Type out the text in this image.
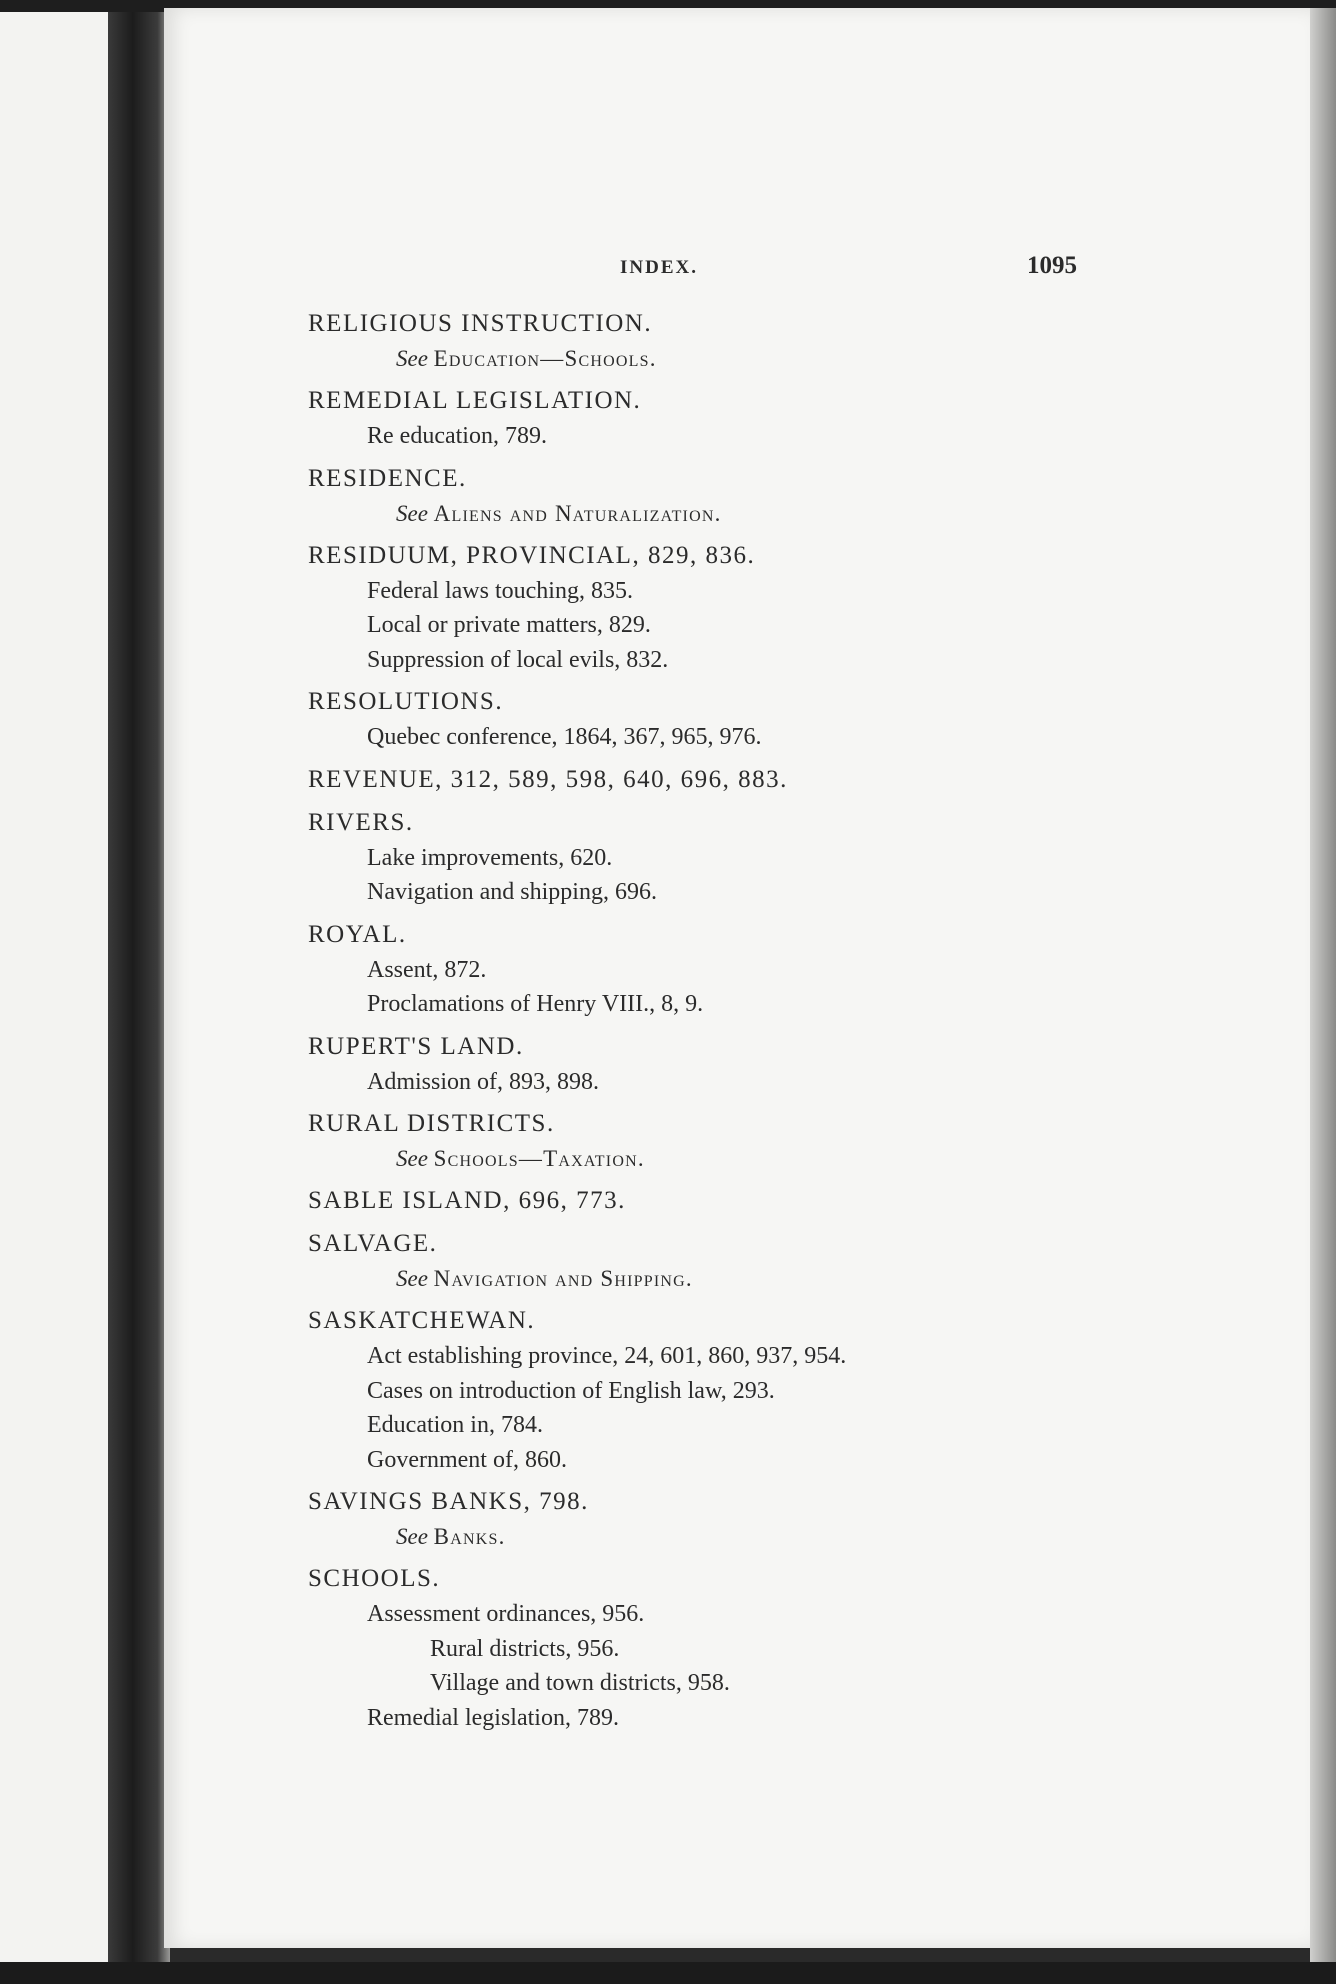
INDEX.	1095
RELIGIOUS INSTRUCTION.
See Education—Schools.
REMEDIAL LEGISLATION.
Re education, 789.
RESIDENCE.
See Aliens and Naturalization.
RESIDUUM, PROVINCIAL, 829, 836.
Federal laws touching, 835.
Local or private matters, 829.
Suppression of local evils, 832.
RESOLUTIONS.
Quebec conference, 1864, 367, 965, 976.
REVENUE, 312, 589, 598, 640, 696, 883.
RIVERS.
Lake improvements, 620.
Navigation and shipping, 696.
ROYAL.
Assent, 872.
Proclamations of Henry VIII., 8, 9.
RUPERT'S LAND.
Admission of, 893, 898.
RURAL DISTRICTS.
See Schools—Taxation.
SABLE ISLAND, 696, 773.
SALVAGE.
See Navigation and Shipping.
SASKATCHEWAN.
Act establishing province, 24, 601, 860, 937, 954.
Cases on introduction of English law, 293.
Education in, 784.
Government of, 860.
SAVINGS BANKS, 798.
See Banks.
SCHOOLS.
Assessment ordinances, 956.
Rural districts, 956.
Village and town districts, 958.
Remedial legislation, 789.
